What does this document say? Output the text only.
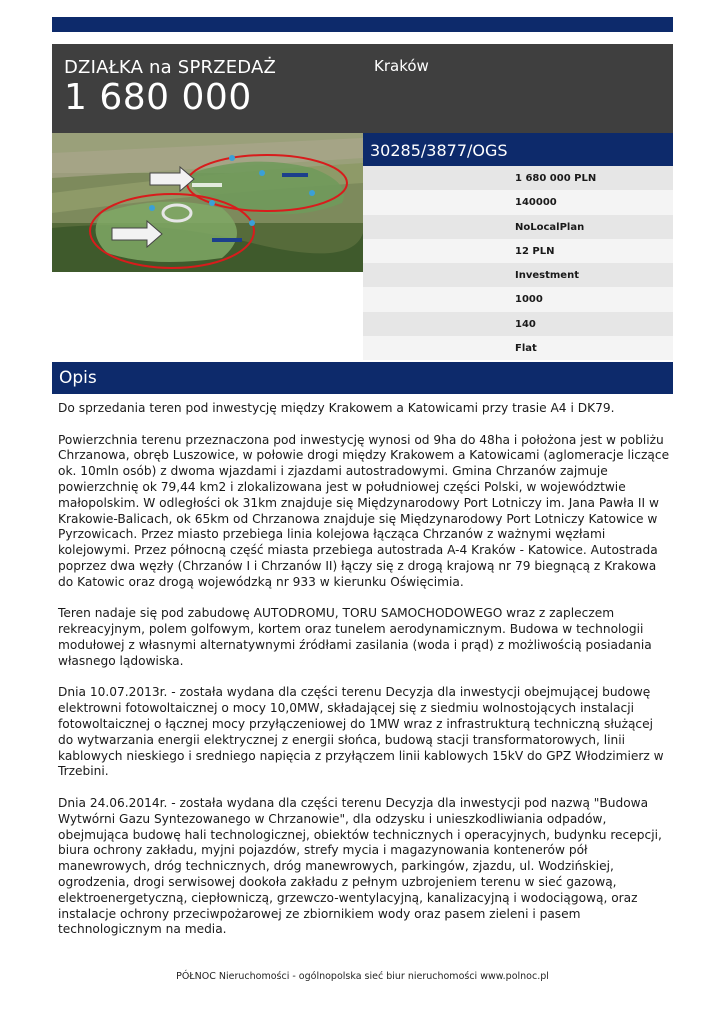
DZIAŁKA na SPRZEDAŻ
1 680 000
Kraków
30285/3877/OGS
1 680 000 PLN
140000
NoLocalPlan
12 PLN
Investment
1000
140
Flat
Opis

Do sprzedania teren pod inwestycję między Krakowem a Katowicami przy trasie A4 i DK79.

Powierzchnia terenu przeznaczona pod inwestycję wynosi od 9ha do 48ha i położona jest w pobliżu Chrzanowa, obręb Luszowice, w połowie drogi między Krakowem a Katowicami (aglomeracje liczące ok. 10mln osób) z dwoma wjazdami i zjazdami autostradowymi. Gmina Chrzanów zajmuje powierzchnię ok 79,44 km2 i zlokalizowana jest w południowej części Polski, w województwie małopolskim. W odległości ok 31km znajduje się Międzynarodowy Port Lotniczy im. Jana Pawła II w Krakowie-Balicach, ok 65km od Chrzanowa znajduje się Międzynarodowy Port Lotniczy Katowice w Pyrzowicach. Przez miasto przebiega linia kolejowa łącząca Chrzanów z ważnymi węzłami kolejowymi. Przez północną część miasta przebiega autostrada A-4 Kraków - Katowice. Autostrada poprzez dwa węzły (Chrzanów I i Chrzanów II) łączy się z drogą krajową nr 79 biegnącą z Krakowa do Katowic oraz drogą wojewódzką nr 933 w kierunku Oświęcimia.

Teren nadaje się pod zabudowę AUTODROMU, TORU SAMOCHODOWEGO wraz z zapleczem rekreacyjnym, polem golfowym, kortem oraz tunelem aerodynamicznym. Budowa w technologii modułowej z własnymi alternatywnymi źródłami zasilania (woda i prąd) z możliwością posiadania własnego lądowiska.

Dnia 10.07.2013r. - została wydana dla części terenu Decyzja dla inwestycji obejmującej budowę elektrowni fotowoltaicznej o mocy 10,0MW, składającej się z siedmiu wolnostojących instalacji fotowoltaicznej o łącznej mocy przyłączeniowej do 1MW wraz z infrastrukturą techniczną służącej do wytwarzania energii elektrycznej z energii słońca, budową stacji transformatorowych, linii kablowych nieskiego i sredniego napięcia z przyłączem linii kablowych 15kV do GPZ Włodzimierz w Trzebini.

Dnia 24.06.2014r. - została wydana dla części terenu Decyzja dla inwestycji pod nazwą "Budowa Wytwórni Gazu Syntezowanego w Chrzanowie", dla odzysku i unieszkodliwiania odpadów, obejmująca budowę hali technologicznej, obiektów technicznych i operacyjnych, budynku recepcji, biura ochrony zakładu, myjni pojazdów, strefy mycia i magazynowania kontenerów pół manewrowych, dróg technicznych, dróg manewrowych, parkingów, zjazdu, ul. Wodzińskiej, ogrodzenia, drogi serwisowej dookoła zakładu z pełnym uzbrojeniem terenu w sieć gazową, elektroenergetyczną, ciepłowniczą, grzewczo-wentylacyjną, kanalizacyjną i wodociągową, oraz instalacje ochrony przeciwpożarowej ze zbiornikiem wody oraz pasem zieleni i pasem technologicznym na media.

PÓŁNOC Nieruchomości - ogólnopolska sieć biur nieruchomości www.polnoc.pl
